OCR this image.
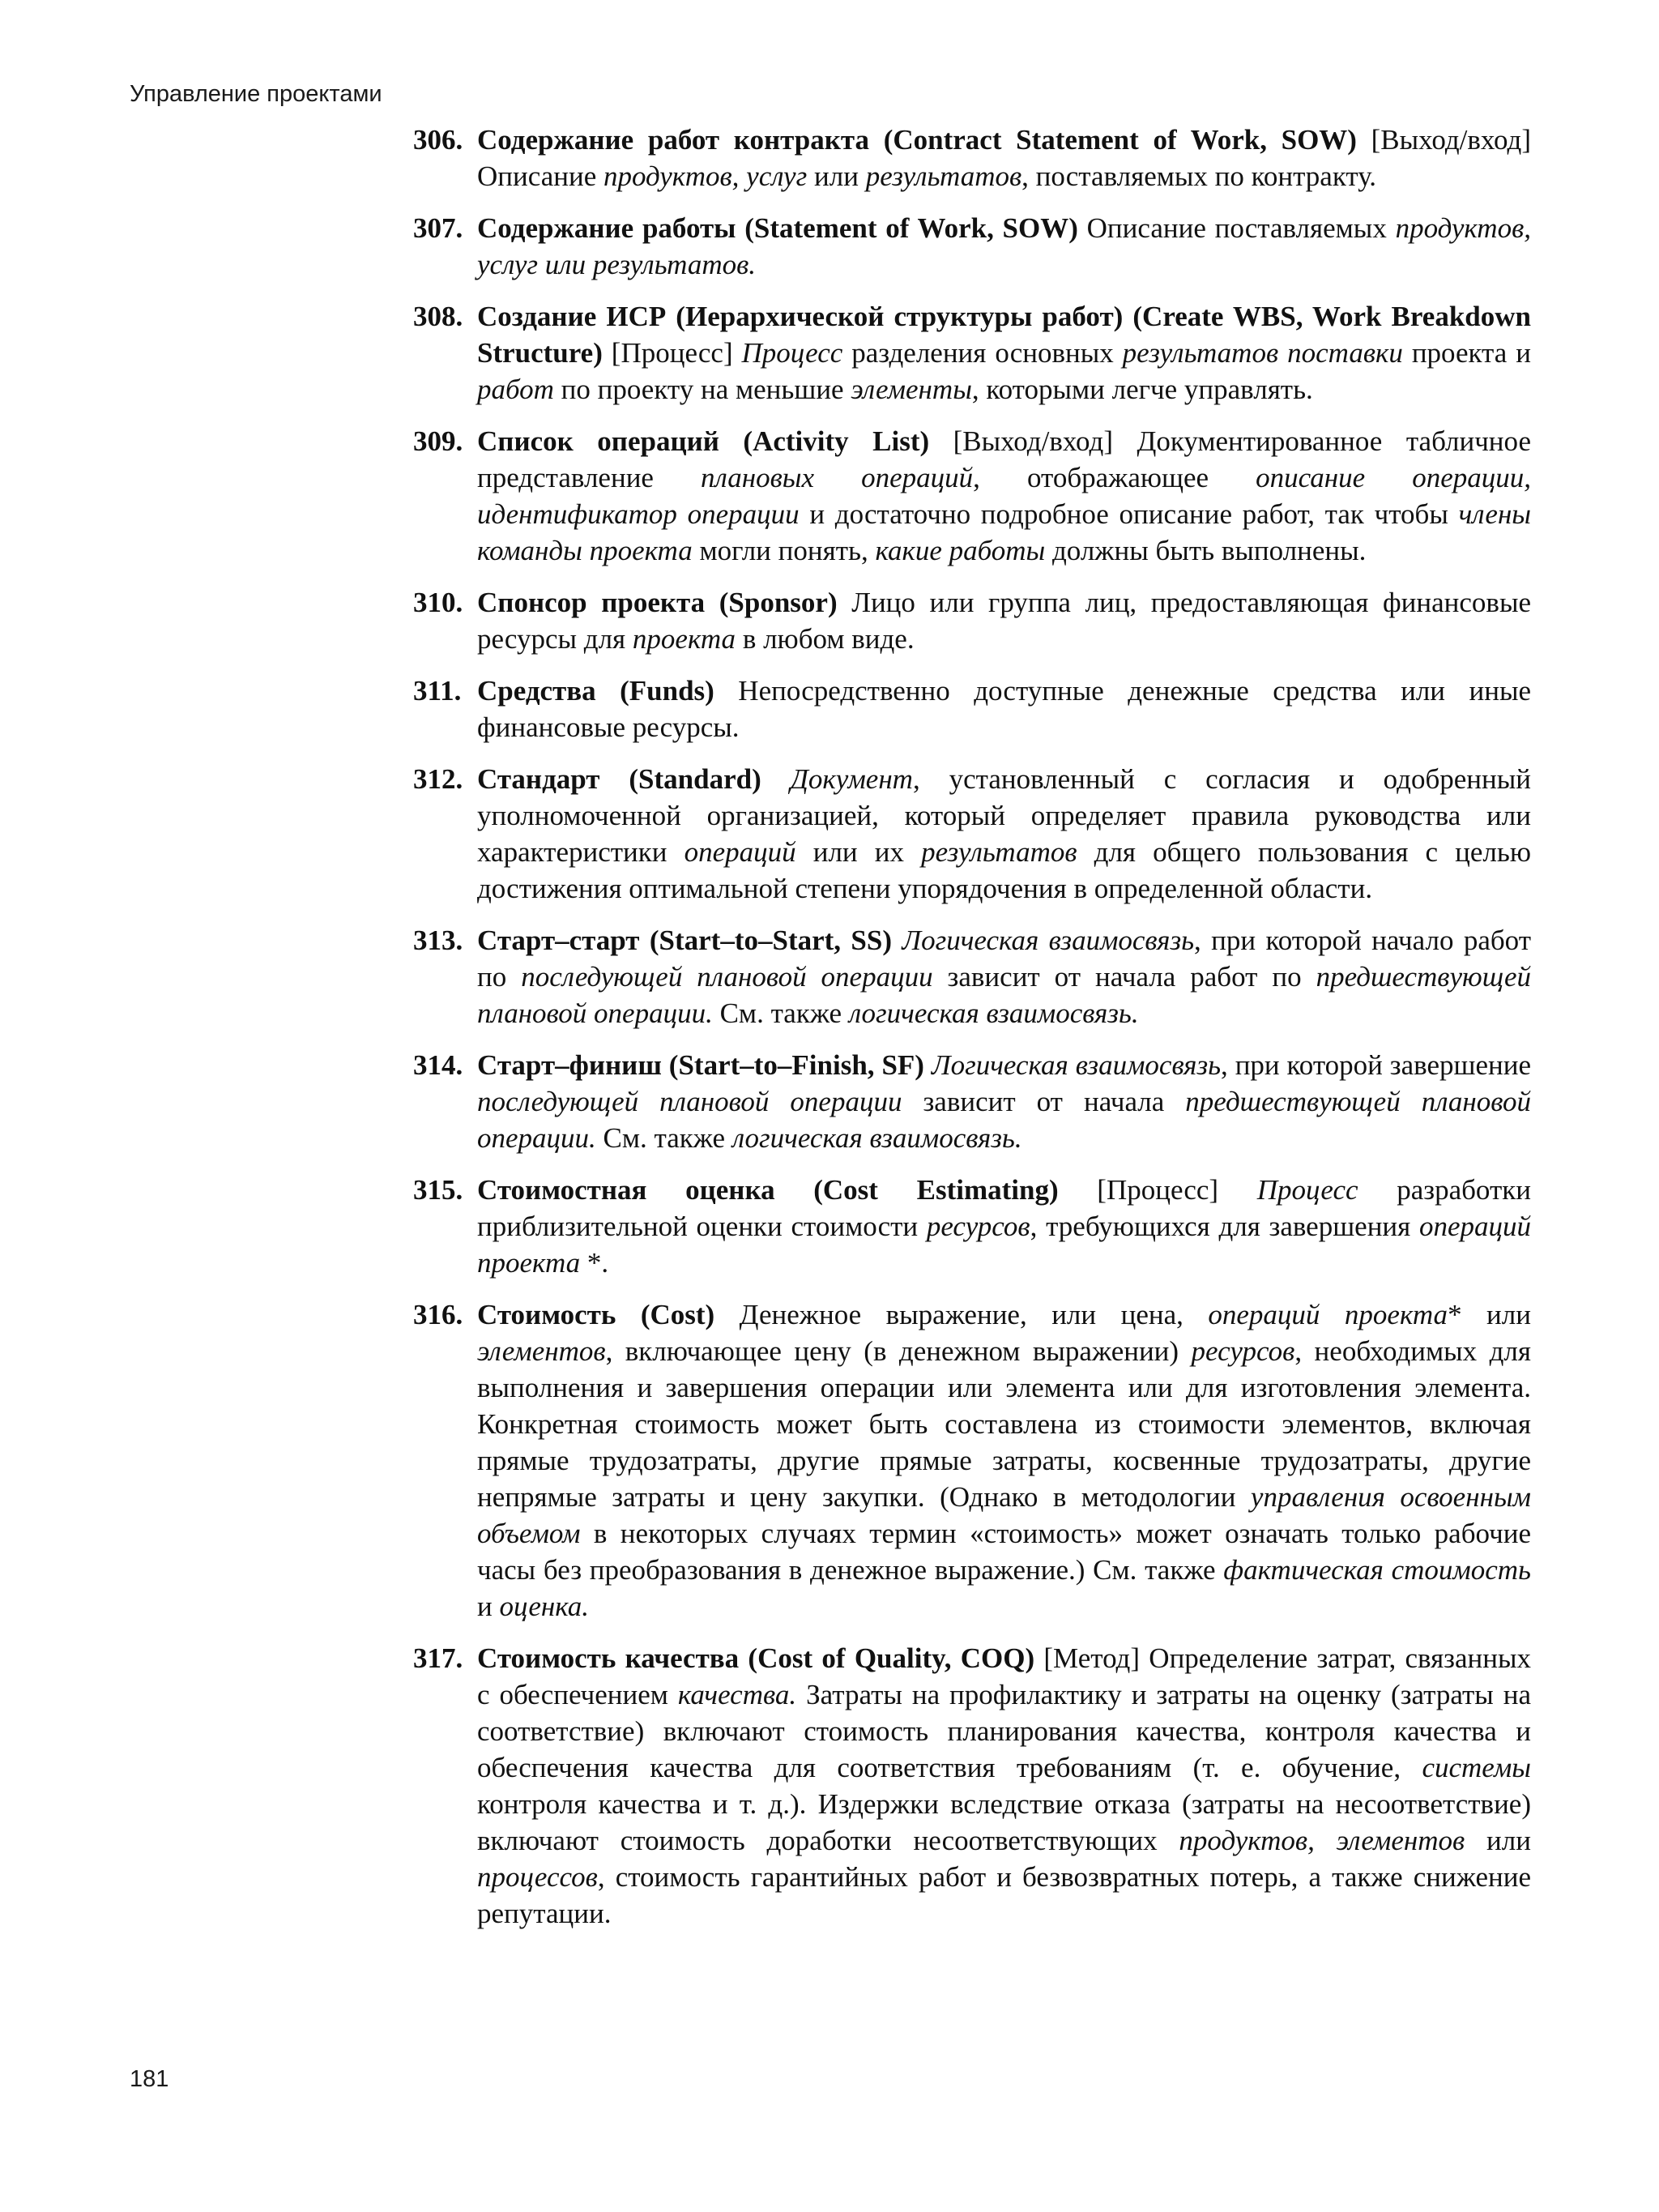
Управление проектами
306. Содержание работ контракта (Contract Statement of Work, SOW) [Выход/вход] Описание продуктов, услуг или результатов, поставляемых по контракту.
307. Содержание работы (Statement of Work, SOW) Описание поставляемых продуктов, услуг или результатов.
308. Создание ИСР (Иерархической структуры работ) (Create WBS, Work Breakdown Structure) [Процесс] Процесс разделения основных результатов поставки проекта и работ по проекту на меньшие элементы, которыми легче управлять.
309. Список операций (Activity List) [Выход/вход] Документированное табличное представление плановых операций, отображающее описание операции, идентификатор операции и достаточно подробное описание работ, так чтобы члены команды проекта могли понять, какие работы должны быть выполнены.
310. Спонсор проекта (Sponsor) Лицо или группа лиц, предоставляющая финансовые ресурсы для проекта в любом виде.
311. Средства (Funds) Непосредственно доступные денежные средства или иные финансовые ресурсы.
312. Стандарт (Standard) Документ, установленный с согласия и одобренный уполномоченной организацией, который определяет правила руководства или характеристики операций или их результатов для общего пользования с целью достижения оптимальной степени упорядочения в определенной области.
313. Старт–старт (Start–to–Start, SS) Логическая взаимосвязь, при которой начало работ по последующей плановой операции зависит от начала работ по предшествующей плановой операции. См. также логическая взаимосвязь.
314. Старт–финиш (Start–to–Finish, SF) Логическая взаимосвязь, при которой завершение последующей плановой операции зависит от начала предшествующей плановой операции. См. также логическая взаимосвязь.
315. Стоимостная оценка (Cost Estimating) [Процесс] Процесс разработки приблизительной оценки стоимости ресурсов, требующихся для завершения операций проекта *.
316. Стоимость (Cost) Денежное выражение, или цена, операций проекта* или элементов, включающее цену (в денежном выражении) ресурсов, необходимых для выполнения и завершения операции или элемента или для изготовления элемента. Конкретная стоимость может быть составлена из стоимости элементов, включая прямые трудозатраты, другие прямые затраты, косвенные трудозатраты, другие непрямые затраты и цену закупки. (Однако в методологии управления освоенным объемом в некоторых случаях термин «стоимость» может означать только рабочие часы без преобразования в денежное выражение.) См. также фактическая стоимость и оценка.
317. Стоимость качества (Cost of Quality, COQ) [Метод] Определение затрат, связанных с обеспечением качества. Затраты на профилактику и затраты на оценку (затраты на соответствие) включают стоимость планирования качества, контроля качества и обеспечения качества для соответствия требованиям (т. е. обучение, системы контроля качества и т. д.). Издержки вследствие отказа (затраты на несоответствие) включают стоимость доработки несоответствующих продуктов, элементов или процессов, стоимость гарантийных работ и безвозвратных потерь, а также снижение репутации.
181
